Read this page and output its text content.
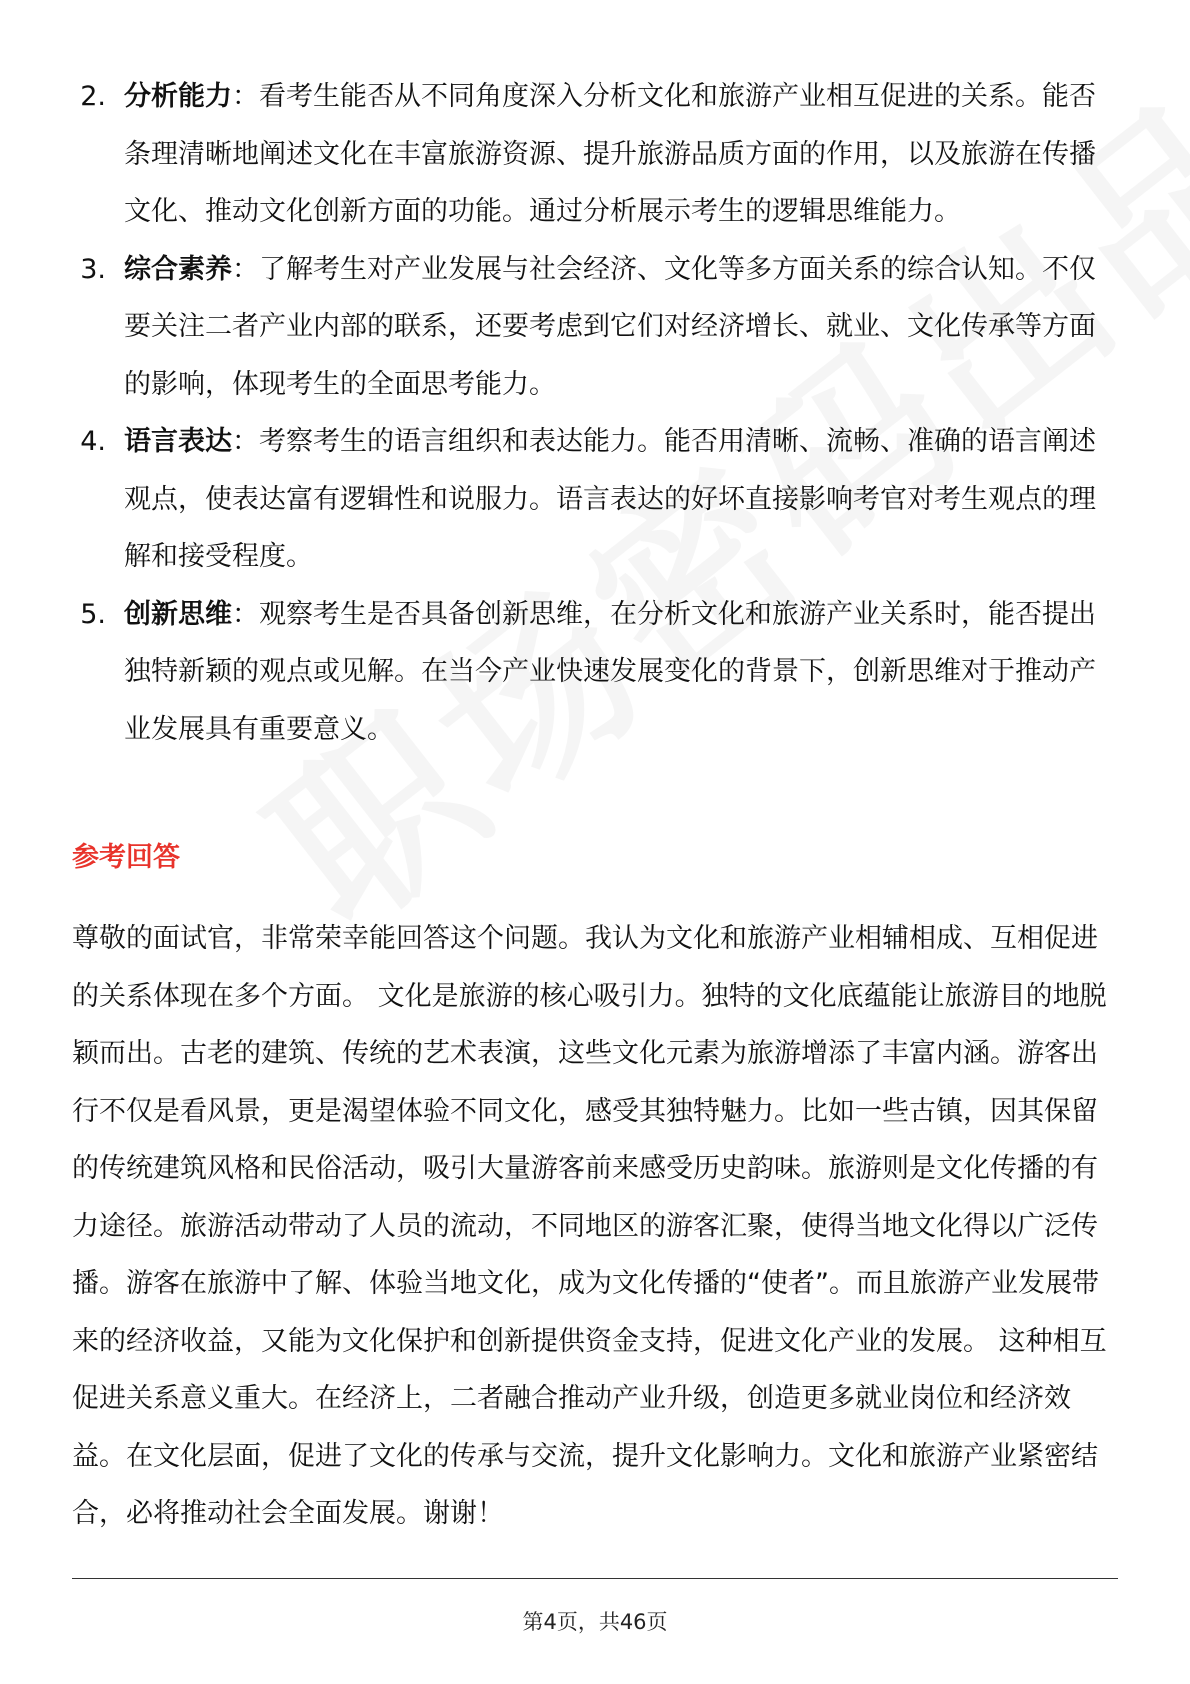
2. 分析能力：看考生能否从不同角度深入分析文化和旅游产业相互促进的关系。能否条理清晰地阐述文化在丰富旅游资源、提升旅游品质方面的作用，以及旅游在传播文化、推动文化创新方面的功能。通过分析展示考生的逻辑思维能力。
3. 综合素养：了解考生对产业发展与社会经济、文化等多方面关系的综合认知。不仅要关注二者产业内部的联系，还要考虑到它们对经济增长、就业、文化传承等方面的影响，体现考生的全面思考能力。
4. 语言表达：考察考生的语言组织和表达能力。能否用清晰、流畅、准确的语言阐述观点，使表达富有逻辑性和说服力。语言表达的好坏直接影响考官对考生观点的理解和接受程度。
5. 创新思维：观察考生是否具备创新思维，在分析文化和旅游产业关系时，能否提出独特新颖的观点或见解。在当今产业快速发展变化的背景下，创新思维对于推动产业发展具有重要意义。
参考回答
尊敬的面试官，非常荣幸能回答这个问题。我认为文化和旅游产业相辅相成、互相促进的关系体现在多个方面。 文化是旅游的核心吸引力。独特的文化底蕴能让旅游目的地脱颖而出。古老的建筑、传统的艺术表演，这些文化元素为旅游增添了丰富内涵。游客出行不仅是看风景，更是渴望体验不同文化，感受其独特魅力。比如一些古镇，因其保留的传统建筑风格和民俗活动，吸引大量游客前来感受历史韵味。旅游则是文化传播的有力途径。旅游活动带动了人员的流动，不同地区的游客汇聚，使得当地文化得以广泛传播。游客在旅游中了解、体验当地文化，成为文化传播的“使者”。而且旅游产业发展带来的经济收益，又能为文化保护和创新提供资金支持，促进文化产业的发展。 这种相互促进关系意义重大。在经济上，二者融合推动产业升级，创造更多就业岗位和经济效益。在文化层面，促进了文化的传承与交流，提升文化影响力。文化和旅游产业紧密结合，必将推动社会全面发展。谢谢！
第4页，共46页
